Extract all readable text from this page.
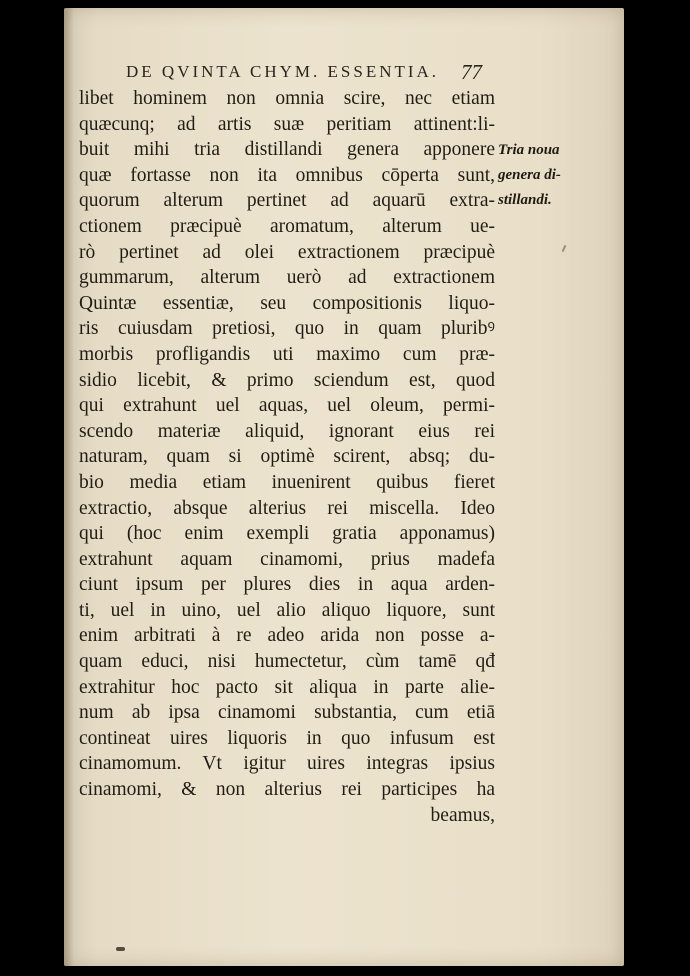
DE QVINTA CHYM. ESSENTIA. 77
Tria noua
genera di-
stillandi.
libet hominem non omnia scire, nec etiam
quæcunq; ad artis suæ peritiam attinent:li-
buit mihi tria distillandi genera apponere
quæ fortasse non ita omnibus cōperta sunt,
quorum alterum pertinet ad aquarū extra-
ctionem præcipuè aromatum, alterum ue-
rò pertinet ad olei extractionem præcipuè
gummarum, alterum uerò ad extractionem
Quintæ essentiæ, seu compositionis liquo-
ris cuiusdam pretiosi, quo in quam pluribꝰ
morbis profligandis uti maximo cum præ-
sidio licebit, & primo sciendum est, quod
qui extrahunt uel aquas, uel oleum, permi-
scendo materiæ aliquid, ignorant eius rei
naturam, quam si optimè scirent, absq; du-
bio media etiam inuenirent quibus fieret
extractio, absque alterius rei miscella. Ideo
qui (hoc enim exempli gratia apponamus)
extrahunt aquam cinamomi, prius madefa
ciunt ipsum per plures dies in aqua arden-
ti, uel in uino, uel alio aliquo liquore, sunt
enim arbitrati à re adeo arida non posse a-
quam educi, nisi humectetur, cùm tamē qđ
extrahitur hoc pacto sit aliqua in parte alie-
num ab ipsa cinamomi substantia, cum etiā
contineat uires liquoris in quo infusum est
cinamomum. Vt igitur uires integras ipsius
cinamomi, & non alterius rei participes ha
beamus,
